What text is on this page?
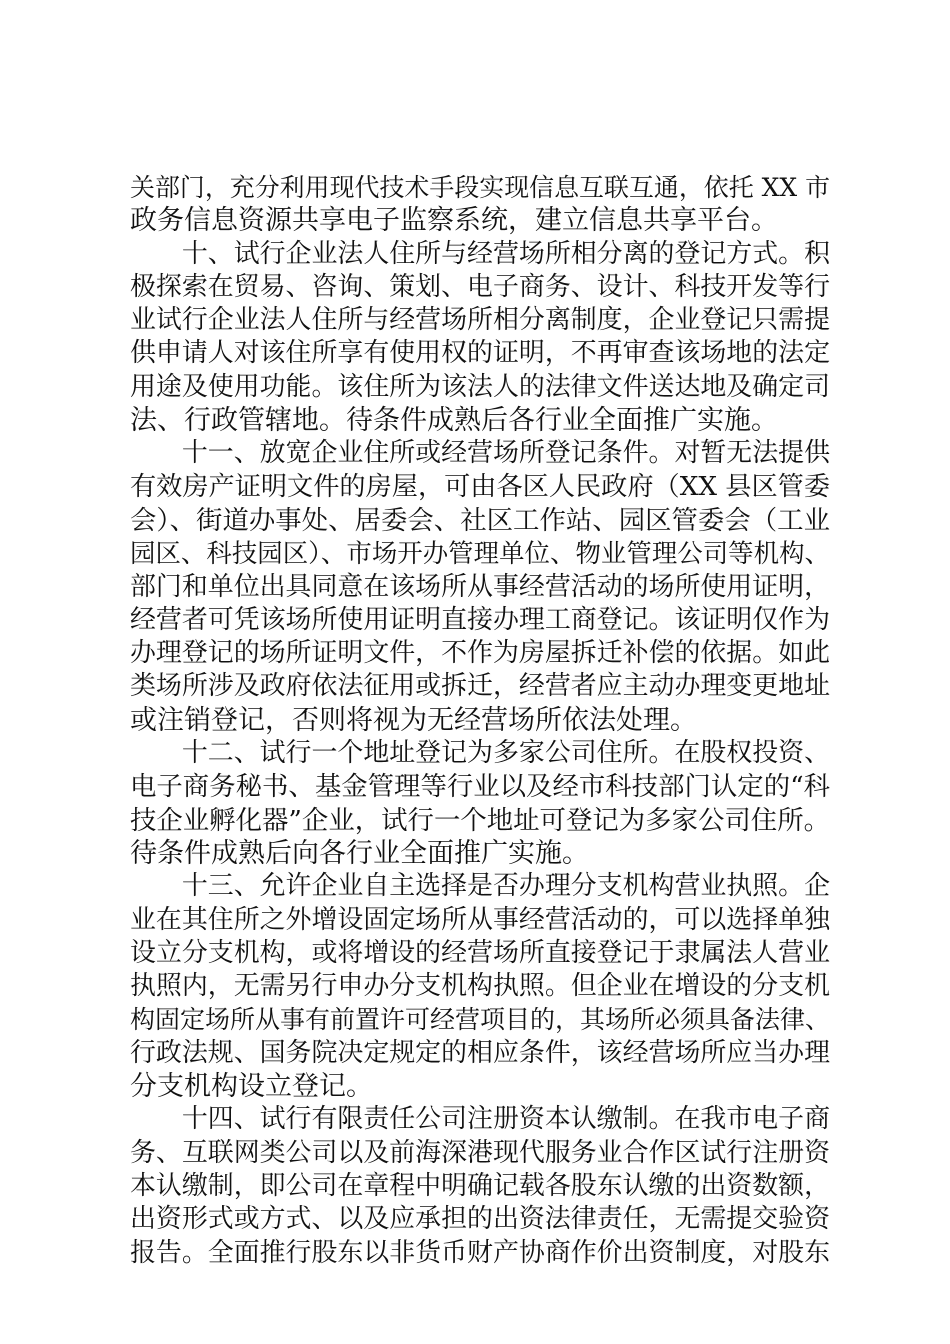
关部门，充分利用现代技术手段实现信息互联互通，依托 XX 市
政务信息资源共享电子监察系统，建立信息共享平台。
　　十、试行企业法人住所与经营场所相分离的登记方式。积
极探索在贸易、咨询、策划、电子商务、设计、科技开发等行
业试行企业法人住所与经营场所相分离制度，企业登记只需提
供申请人对该住所享有使用权的证明，不再审查该场地的法定
用途及使用功能。该住所为该法人的法律文件送达地及确定司
法、行政管辖地。待条件成熟后各行业全面推广实施。
　　十一、放宽企业住所或经营场所登记条件。对暂无法提供
有效房产证明文件的房屋，可由各区人民政府（XX 县区管委
会）、街道办事处、居委会、社区工作站、园区管委会（工业
园区、科技园区）、市场开办管理单位、物业管理公司等机构、
部门和单位出具同意在该场所从事经营活动的场所使用证明，
经营者可凭该场所使用证明直接办理工商登记。该证明仅作为
办理登记的场所证明文件，不作为房屋拆迁补偿的依据。如此
类场所涉及政府依法征用或拆迁，经营者应主动办理变更地址
或注销登记，否则将视为无经营场所依法处理。
　　十二、试行一个地址登记为多家公司住所。在股权投资、
电子商务秘书、基金管理等行业以及经市科技部门认定的“科
技企业孵化器”企业，试行一个地址可登记为多家公司住所。
待条件成熟后向各行业全面推广实施。
　　十三、允许企业自主选择是否办理分支机构营业执照。企
业在其住所之外增设固定场所从事经营活动的，可以选择单独
设立分支机构，或将增设的经营场所直接登记于隶属法人营业
执照内，无需另行申办分支机构执照。但企业在增设的分支机
构固定场所从事有前置许可经营项目的，其场所必须具备法律、
行政法规、国务院决定规定的相应条件，该经营场所应当办理
分支机构设立登记。
　　十四、试行有限责任公司注册资本认缴制。在我市电子商
务、互联网类公司以及前海深港现代服务业合作区试行注册资
本认缴制，即公司在章程中明确记载各股东认缴的出资数额，
出资形式或方式、以及应承担的出资法律责任，无需提交验资
报告。全面推行股东以非货币财产协商作价出资制度，对股东
